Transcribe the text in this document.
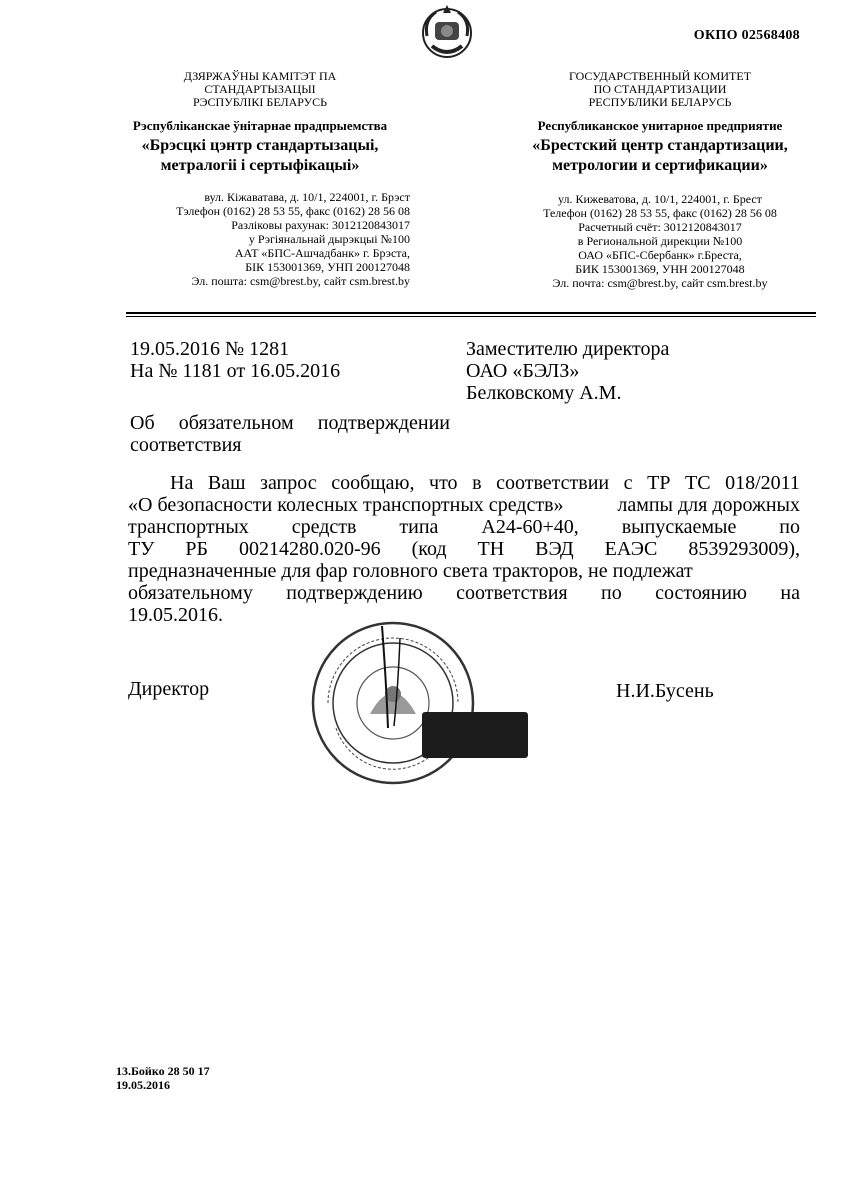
ОКПО 02568408
ДЗЯРЖАЎНЫ КАМІТЭТ ПА
СТАНДАРТЫЗАЦЫІ
РЭСПУБЛІКІ БЕЛАРУСЬ
Рэспубліканскае ўнітарнае прадпрыемства
«Брэсцкі цэнтр стандартызацыі,
метралогіі і сертыфікацыі»
вул. Кіжаватава, д. 10/1, 224001, г. Брэст
Тэлефон (0162) 28 53 55, факс (0162) 28 56 08
Разліковы рахунак: 3012120843017
у Рэгіянальнай дырэкцыі №100
ААТ «БПС-Ашчадбанк» г. Брэста,
БІК 153001369, УНП 200127048
Эл. пошта: csm@brest.by, сайт csm.brest.by
ГОСУДАРСТВЕННЫЙ КОМИТЕТ
ПО СТАНДАРТИЗАЦИИ
РЕСПУБЛИКИ БЕЛАРУСЬ
Республиканское унитарное предприятие
«Брестский центр стандартизации,
метрологии и сертификации»
ул. Кижеватова, д. 10/1, 224001, г. Брест
Телефон (0162) 28 53 55, факс (0162) 28 56 08
Расчетный счёт: 3012120843017
в Региональной дирекции №100
ОАО «БПС-Сбербанк» г.Бреста,
БИК 153001369, УНН 200127048
Эл. почта: csm@brest.by, сайт csm.brest.by
19.05.2016 № 1281
На № 1181 от 16.05.2016
Заместителю директора
ОАО «БЭЛЗ»
Белковскому А.М.
Об обязательном подтверждении
соответствия
На Ваш запрос сообщаю, что в соответствии с ТР ТС 018/2011
«О безопасности колесных транспортных средств»	лампы для дорожных
транспортных средств типа А24-60+40, выпускаемые по
ТУ РБ 00214280.020-96 (код ТН ВЭД ЕАЭС 8539293009),
предназначенные для фар головного света тракторов, не подлежат
обязательному подтверждению соответствия по состоянию на
19.05.2016.
Директор	Н.И.Бусень
13.Бойко 28 50 17
19.05.2016
